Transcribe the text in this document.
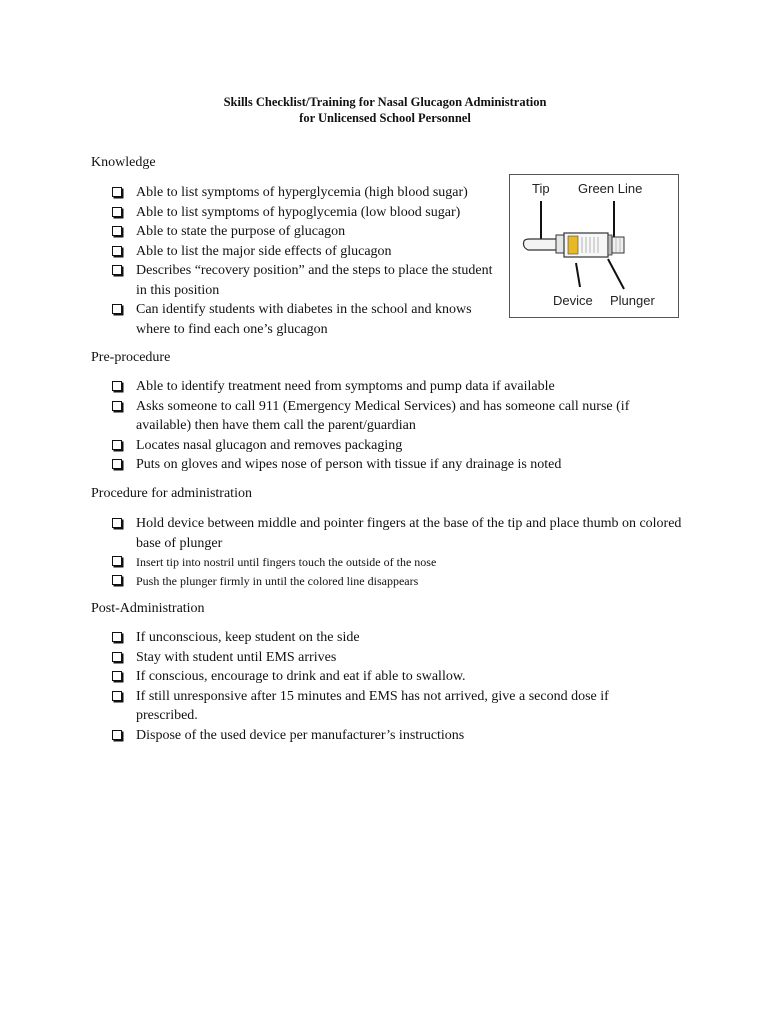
Skills Checklist/Training for Nasal Glucagon Administration
for Unlicensed School Personnel
Knowledge
Able to list symptoms of hyperglycemia (high blood sugar)
Able to list symptoms of hypoglycemia (low blood sugar)
Able to state the purpose of glucagon
Able to list the major side effects of glucagon
Describes “recovery position” and the steps to place the student in this position
Can identify students with diabetes in the school and knows where to find each one’s glucagon
Tip Green Line
Device Plunger
Pre-procedure
Able to identify treatment need from symptoms and pump data if available
Asks someone to call 911 (Emergency Medical Services) and has someone call nurse (if available) then have them call the parent/guardian
Locates nasal glucagon and removes packaging
Puts on gloves and wipes nose of person with tissue if any drainage is noted
Procedure for administration
Hold device between middle and pointer fingers at the base of the tip and place thumb on colored base of plunger
Insert tip into nostril until fingers touch the outside of the nose
Push the plunger firmly in until the colored line disappears
Post-Administration
If unconscious, keep student on the side
Stay with student until EMS arrives
If conscious, encourage to drink and eat if able to swallow.
If still unresponsive after 15 minutes and EMS has not arrived, give a second dose if prescribed.
Dispose of the used device per manufacturer’s instructions
